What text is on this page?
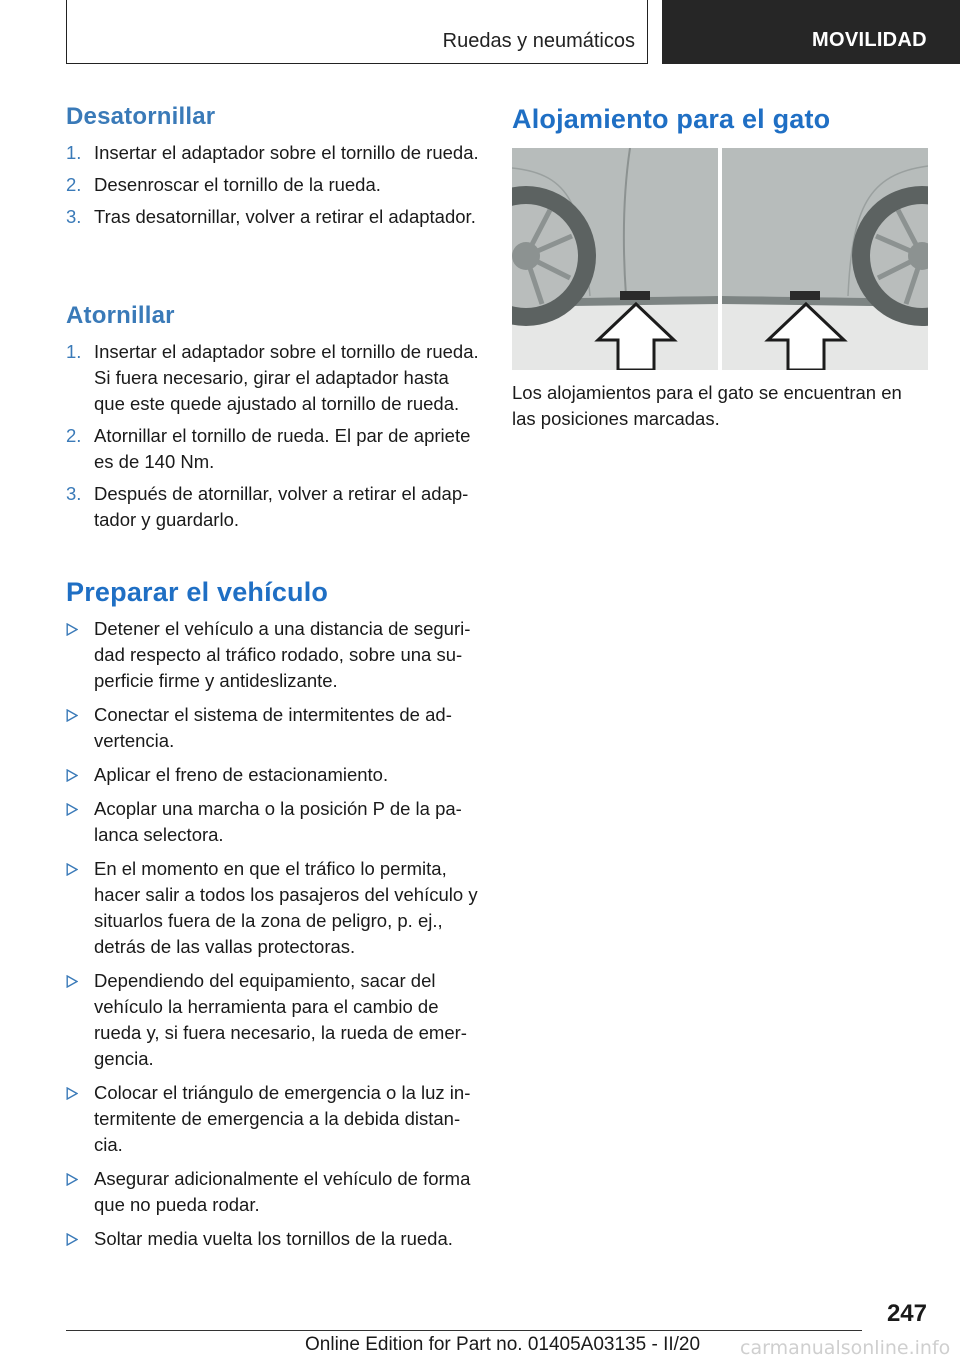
Ruedas y neumáticos	MOVILIDAD
Desatornillar
1. Insertar el adaptador sobre el tornillo de rueda.
2. Desenroscar el tornillo de la rueda.
3. Tras desatornillar, volver a retirar el adaptador.
Atornillar
1. Insertar el adaptador sobre el tornillo de rueda. Si fuera necesario, girar el adaptador hasta que este quede ajustado al tornillo de rueda.
2. Atornillar el tornillo de rueda. El par de apriete es de 140 Nm.
3. Después de atornillar, volver a retirar el adaptador y guardarlo.
Preparar el vehículo
Detener el vehículo a una distancia de seguridad respecto al tráfico rodado, sobre una superficie firme y antideslizante.
Conectar el sistema de intermitentes de advertencia.
Aplicar el freno de estacionamiento.
Acoplar una marcha o la posición P de la palanca selectora.
En el momento en que el tráfico lo permita, hacer salir a todos los pasajeros del vehículo y situarlos fuera de la zona de peligro, p. ej., detrás de las vallas protectoras.
Dependiendo del equipamiento, sacar del vehículo la herramienta para el cambio de rueda y, si fuera necesario, la rueda de emergencia.
Colocar el triángulo de emergencia o la luz intermitente de emergencia a la debida distancia.
Asegurar adicionalmente el vehículo de forma que no pueda rodar.
Soltar media vuelta los tornillos de la rueda.
Alojamiento para el gato

Los alojamientos para el gato se encuentran en las posiciones marcadas.

247
Online Edition for Part no. 01405A03135 - II/20 carmanualsonline.info
